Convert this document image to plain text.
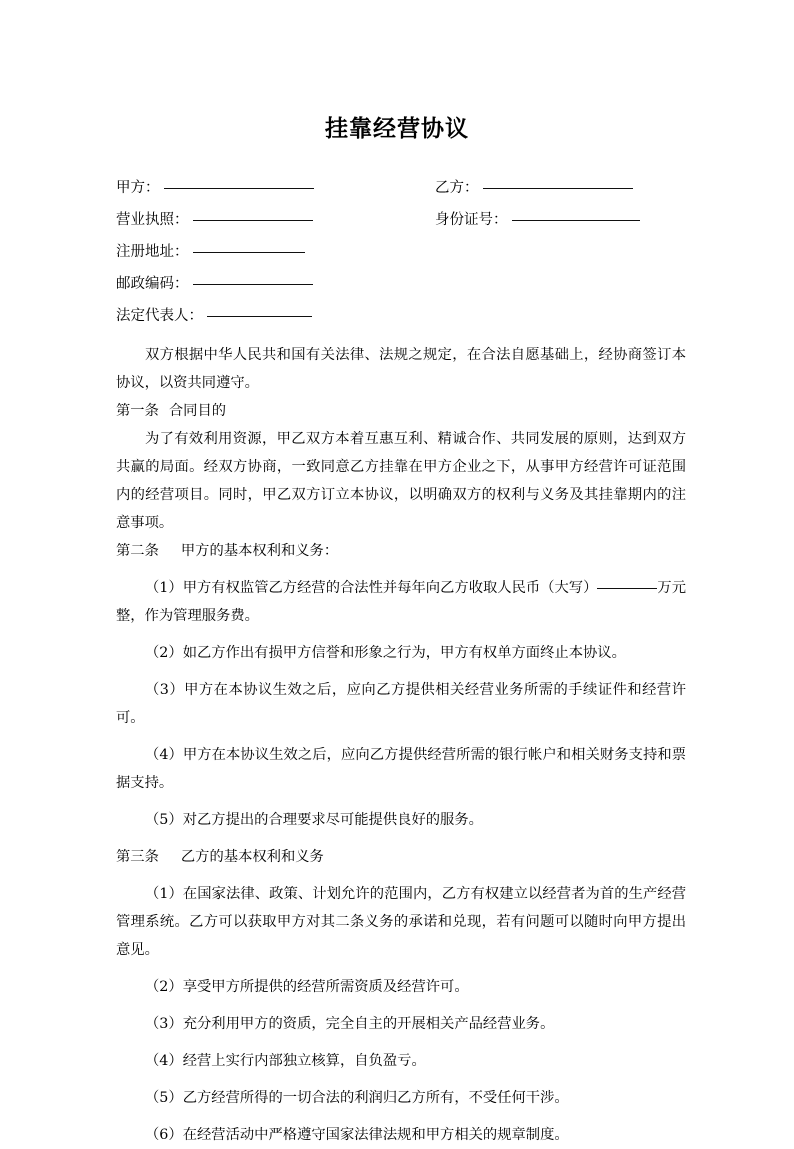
挂靠经营协议
甲方：	乙方：
营业执照：	身份证号：
注册地址：
邮政编码：
法定代表人：

双方根据中华人民共和国有关法律、法规之规定，在合法自愿基础上，经协商签订本协议，以资共同遵守。

第一条 合同目的

为了有效利用资源，甲乙双方本着互惠互利、精诚合作、共同发展的原则，达到双方共赢的局面。经双方协商，一致同意乙方挂靠在甲方企业之下，从事甲方经营许可证范围内的经营项目。同时，甲乙双方订立本协议，以明确双方的权利与义务及其挂靠期内的注意事项。

第二条 甲方的基本权利和义务：

（1）甲方有权监管乙方经营的合法性并每年向乙方收取人民币（大写）	万元整，作为管理服务费。

（2）如乙方作出有损甲方信誉和形象之行为，甲方有权单方面终止本协议。

（3）甲方在本协议生效之后，应向乙方提供相关经营业务所需的手续证件和经营许可。

（4）甲方在本协议生效之后，应向乙方提供经营所需的银行帐户和相关财务支持和票据支持。

（5）对乙方提出的合理要求尽可能提供良好的服务。

第三条 乙方的基本权利和义务

（1）在国家法律、政策、计划允许的范围内，乙方有权建立以经营者为首的生产经营管理系统。乙方可以获取甲方对其二条义务的承诺和兑现，若有问题可以随时向甲方提出意见。

（2）享受甲方所提供的经营所需资质及经营许可。

（3）充分利用甲方的资质，完全自主的开展相关产品经营业务。

（4）经营上实行内部独立核算，自负盈亏。

（5）乙方经营所得的一切合法的利润归乙方所有，不受任何干涉。

（6）在经营活动中严格遵守国家法律法规和甲方相关的规章制度。
